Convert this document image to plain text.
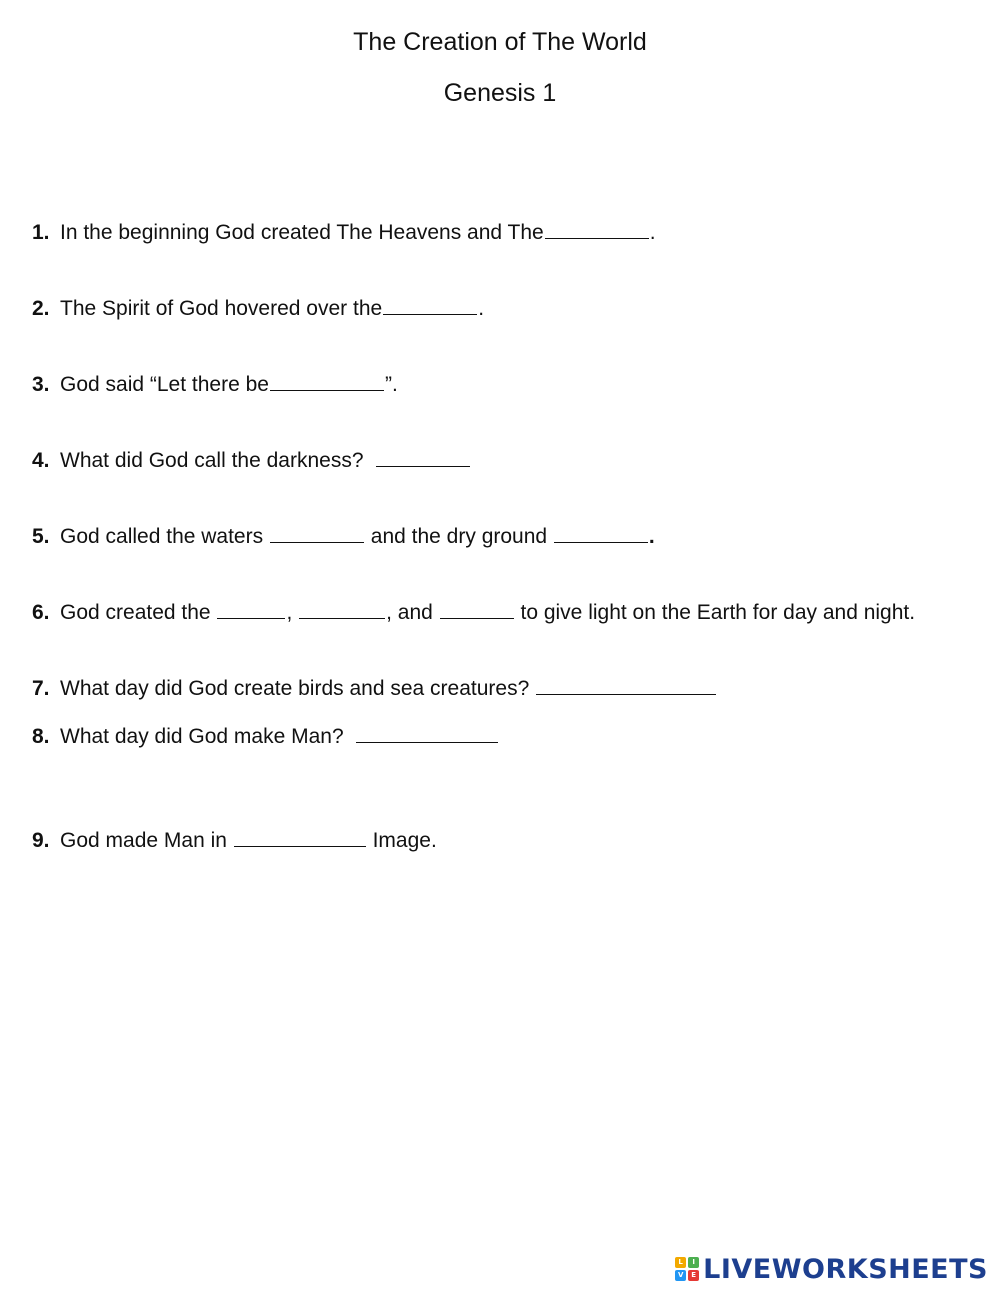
The Creation of The World
Genesis 1
1. In the beginning God created The Heavens and The	.
2. The Spirit of God hovered over the	.
3. God said “Let there be	”.
4. What did God call the darkness?
5. God called the waters	and the dry ground	.
6. God created the	,	, and	to give light on the Earth for day and night.
7. What day did God create birds and sea creatures?
8. What day did God make Man?
9. God made Man in	Image.
L	I
V	E LIVEWORKSHEETS
